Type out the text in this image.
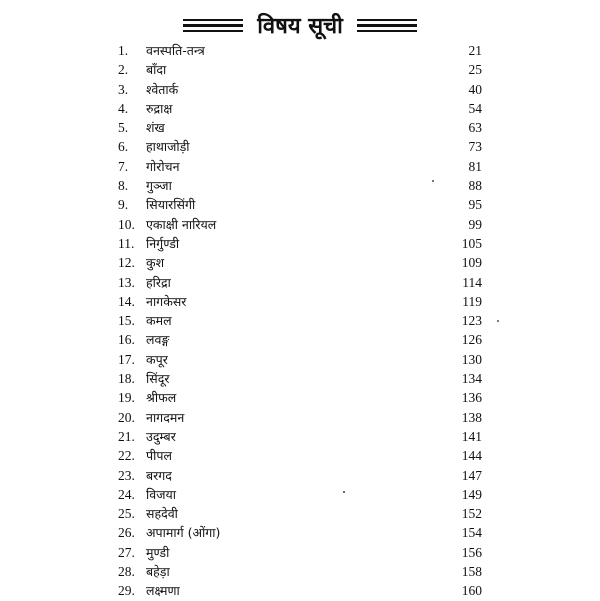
विषय सूची
1. वनस्पति-तन्त्र	21
2. बाँदा	25
3. श्वेतार्क	40
4. रुद्राक्ष	54
5. शंख	63
6. हाथाजोड़ी	73
7. गोरोचन	81
8. गुञ्जा	88
9. सियारसिंगी	95
10. एकाक्षी नारियल	99
11. निर्गुण्डी	105
12. कुश	109
13. हरिद्रा	114
14. नागकेसर	119
15. कमल	123
16. लवङ्ग	126
17. कपूर	130
18. सिंदूर	134
19. श्रीफल	136
20. नागदमन	138
21. उदुम्बर	141
22. पीपल	144
23. बरगद	147
24. विजया	149
25. सहदेवी	152
26. अपामार्ग (ओंगा)	154
27. मुण्डी	156
28. बहेड़ा	158
29. लक्ष्मणा	160
